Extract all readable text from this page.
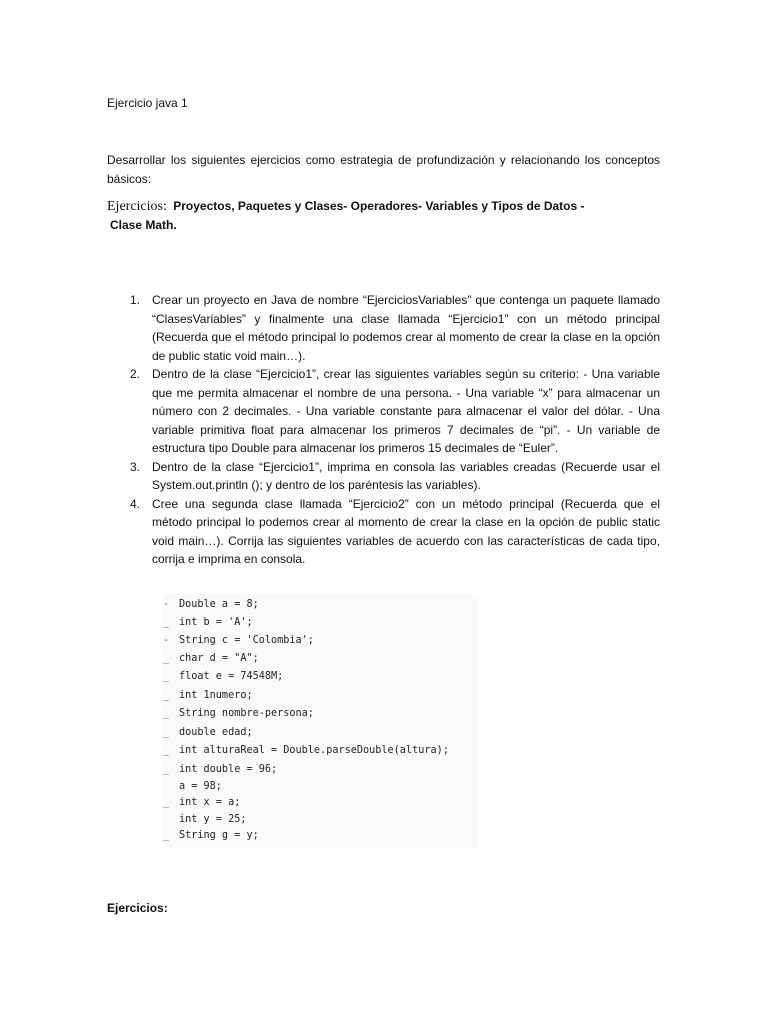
Ejercicio java 1

Desarrollar los siguientes ejercicios como estrategia de profundización y relacionando los conceptos básicos:

Ejercicios: Proyectos, Paquetes y Clases- Operadores- Variables y Tipos de Datos -
Clase Math.

1. Crear un proyecto en Java de nombre “EjerciciosVariables” que contenga un paquete llamado “ClasesVariables” y finalmente una clase llamada “Ejercicio1” con un método principal (Recuerda que el método principal lo podemos crear al momento de crear la clase en la opción de public static void main…).
2. Dentro de la clase “Ejercicio1”, crear las siguientes variables según su criterio: - Una variable que me permita almacenar el nombre de una persona. - Una variable “x” para almacenar un número con 2 decimales. - Una variable constante para almacenar el valor del dólar. - Una variable primitiva float para almacenar los primeros 7 decimales de “pi”. - Un variable de estructura tipo Double para almacenar los primeros 15 decimales de “Euler”.
3. Dentro de la clase “Ejercicio1”, imprima en consola las variables creadas (Recuerde usar el System.out.println (); y dentro de los paréntesis las variables).
4. Cree una segunda clase llamada “Ejercicio2” con un método principal (Recuerda que el método principal lo podemos crear al momento de crear la clase en la opción de public static void main…). Corrija las siguientes variables de acuerdo con las características de cada tipo, corrija e imprima en consola.
- Double a = 8;
_ int b = 'A';
- String c = 'Colombia';
_ char d = "A";
_ float e = 74548M;
_ int 1numero;
_ String nombre-persona;
_ double edad;
_ int alturaReal = Double.parseDouble(altura);
_ int double = 96;
a = 98;
_ int x = a;
int y = 25;
_ String g = y;
Ejercicios:
